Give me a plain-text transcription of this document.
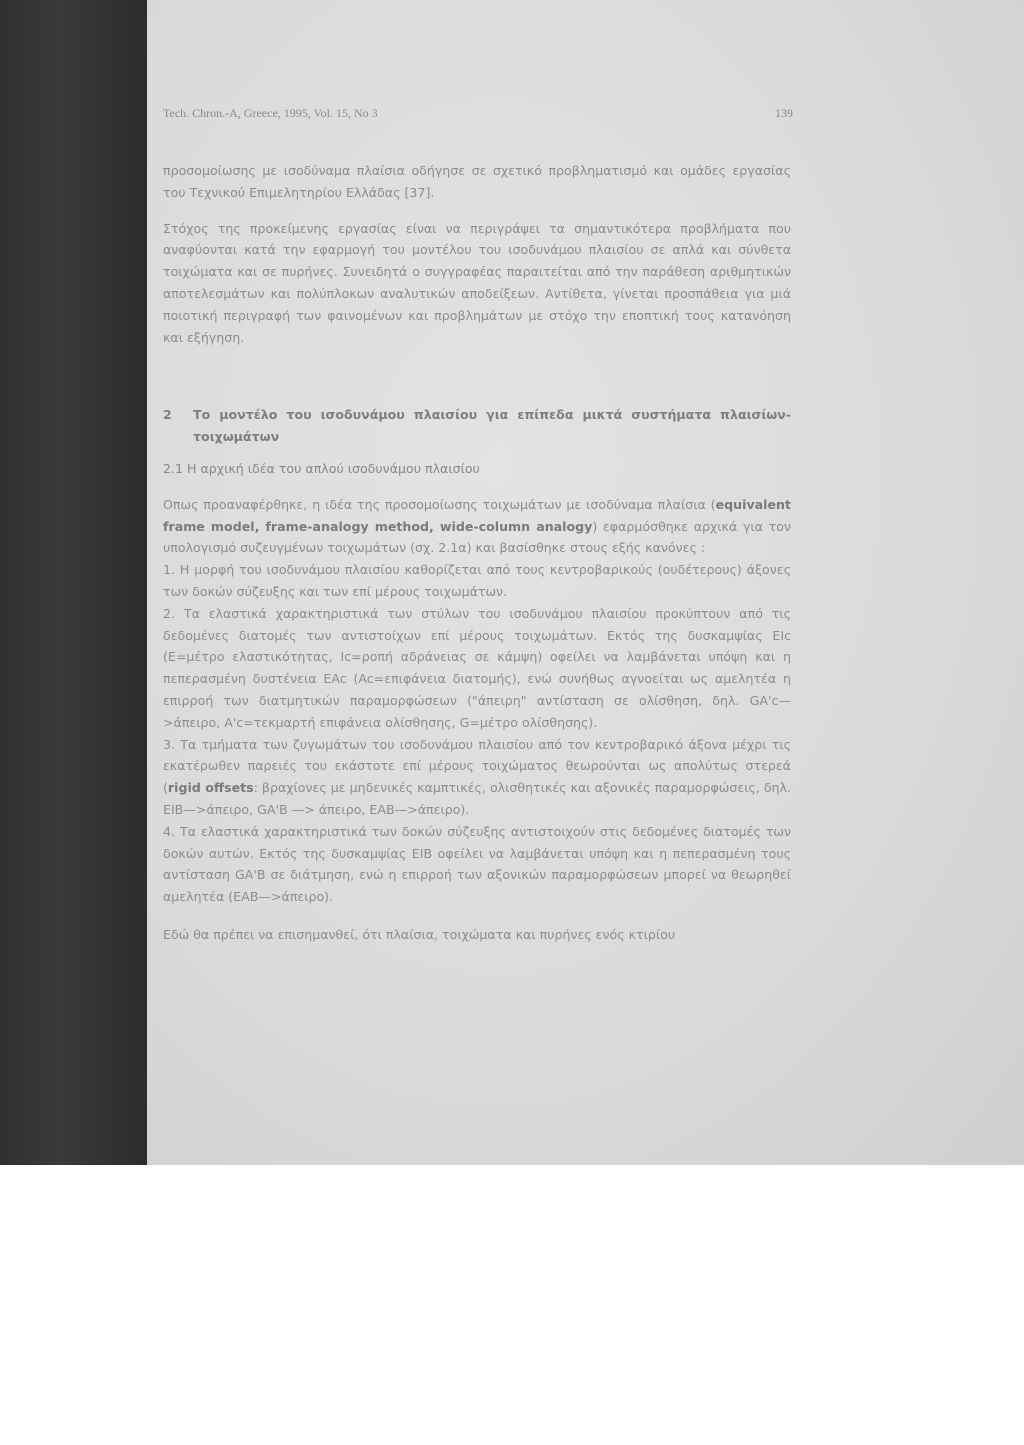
Tech. Chron.-A, Greece, 1995, Vol. 15, No 3	139

προσομοίωσης με ισοδύναμα πλαίσια οδήγησε σε σχετικό προβληματισμό και ομάδες εργασίας του Τεχνικού Επιμελητηρίου Ελλάδας [37].

Στόχος της προκείμενης εργασίας είναι να περιγράψει τα σημαντικότερα προβλήματα που αναφύονται κατά την εφαρμογή του μοντέλου του ισοδυνάμου πλαισίου σε απλά και σύνθετα τοιχώματα και σε πυρήνες. Συνειδητά ο συγγραφέας παραιτείται από την παράθεση αριθμητικών αποτελεσμάτων και πολύπλοκων αναλυτικών αποδείξεων. Αντίθετα, γίνεται προσπάθεια για μιά ποιοτική περιγραφή των φαινομένων και προβλημάτων με στόχο την εποπτική τους κατανόηση και εξήγηση.

2	Το μοντέλο του ισοδυνάμου πλαισίου για επίπεδα μικτά συστήματα πλαισίων-τοιχωμάτων

2.1 Η αρχική ιδέα του απλού ισοδυνάμου πλαισίου

Οπως προαναφέρθηκε, η ιδέα της προσομοίωσης τοιχωμάτων με ισοδύναμα πλαίσια (equivalent frame model, frame-analogy method, wide-column analogy) εφαρμόσθηκε αρχικά για τον υπολογισμό συζευγμένων τοιχωμάτων (σχ. 2.1α) και βασίσθηκε στους εξής κανόνες :

1. Η μορφή του ισοδυνάμου πλαισίου καθορίζεται από τους κεντροβαρικούς (ουδέτερους) άξονες των δοκών σύζευξης και των επί μέρους τοιχωμάτων.

2. Τα ελαστικά χαρακτηριστικά των στύλων του ισοδυνάμου πλαισίου προκύπτουν από τις δεδομένες διατομές των αντιστοίχων επί μέρους τοιχωμάτων. Εκτός της δυσκαμψίας EIc (E=μέτρο ελαστικότητας, Ic=ροπή αδράνειας σε κάμψη) οφείλει να λαμβάνεται υπόψη και η πεπερασμένη δυστένεια EAc (Ac=επιφάνεια διατομής), ενώ συνήθως αγνοείται ως αμελητέα η επιρροή των διατμητικών παραμορφώσεων ("άπειρη" αντίσταση σε ολίσθηση, δηλ. GA'c—>άπειρο, A'c=τεκμαρτή επιφάνεια ολίσθησης, G=μέτρο ολίσθησης).

3. Τα τμήματα των ζυγωμάτων του ισοδυνάμου πλαισίου από τον κεντροβαρικό άξονα μέχρι τις εκατέρωθεν παρειές του εκάστοτε επί μέρους τοιχώματος θεωρούνται ως απολύτως στερεά (rigid offsets: βραχίονες με μηδενικές καμπτικές, ολισθητικές και αξονικές παραμορφώσεις, δηλ. EIB—>άπειρο, GA'B —> άπειρο, EAB—>άπειρο).

4. Τα ελαστικά χαρακτηριστικά των δοκών σύζευξης αντιστοιχούν στις δεδομένες διατομές των δοκών αυτών. Εκτός της δυσκαμψίας EIB οφείλει να λαμβάνεται υπόψη και η πεπερασμένη τους αντίσταση GA'B σε διάτμηση, ενώ η επιρροή των αξονικών παραμορφώσεων μπορεί να θεωρηθεί αμελητέα (EAB—>άπειρο).

Εδώ θα πρέπει να επισημανθεί, ότι πλαίσια, τοιχώματα και πυρήνες ενός κτιρίου
